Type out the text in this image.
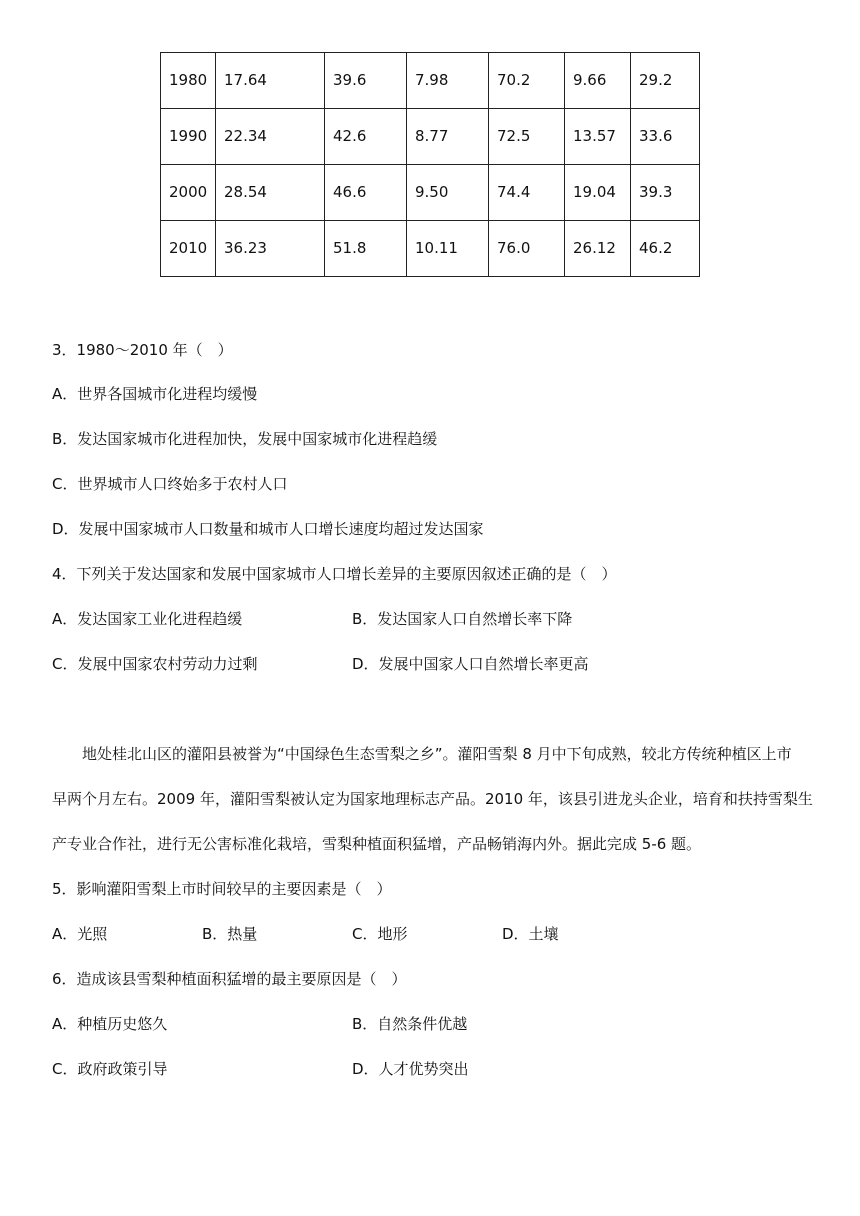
1980	17.64	39.6	7.98	70.2	9.66	29.2
1990	22.34	42.6	8.77	72.5	13.57	33.6
2000	28.54	46.6	9.50	74.4	19.04	39.3
2010	36.23	51.8	10.11	76.0	26.12	46.2
3．1980～2010 年（　）
A．世界各国城市化进程均缓慢
B．发达国家城市化进程加快，发展中国家城市化进程趋缓
C．世界城市人口终始多于农村人口
D．发展中国家城市人口数量和城市人口增长速度均超过发达国家
4．下列关于发达国家和发展中国家城市人口增长差异的主要原因叙述正确的是（　）
A．发达国家工业化进程趋缓	B．发达国家人口自然增长率下降
C．发展中国家农村劳动力过剩	D．发展中国家人口自然增长率更高
地处桂北山区的灌阳县被誉为“中国绿色生态雪梨之乡”。灌阳雪梨 8 月中下旬成熟，较北方传统种植区上市
早两个月左右。2009 年，灌阳雪梨被认定为国家地理标志产品。2010 年，该县引进龙头企业，培育和扶持雪梨生
产专业合作社，进行无公害标准化栽培，雪梨种植面积猛增，产品畅销海内外。据此完成 5-6 题。
5．影响灌阳雪梨上市时间较早的主要因素是（　）
A．光照	B．热量	C．地形	D．土壤
6．造成该县雪梨种植面积猛增的最主要原因是（　）
A．种植历史悠久	B．自然条件优越
C．政府政策引导	D．人才优势突出
